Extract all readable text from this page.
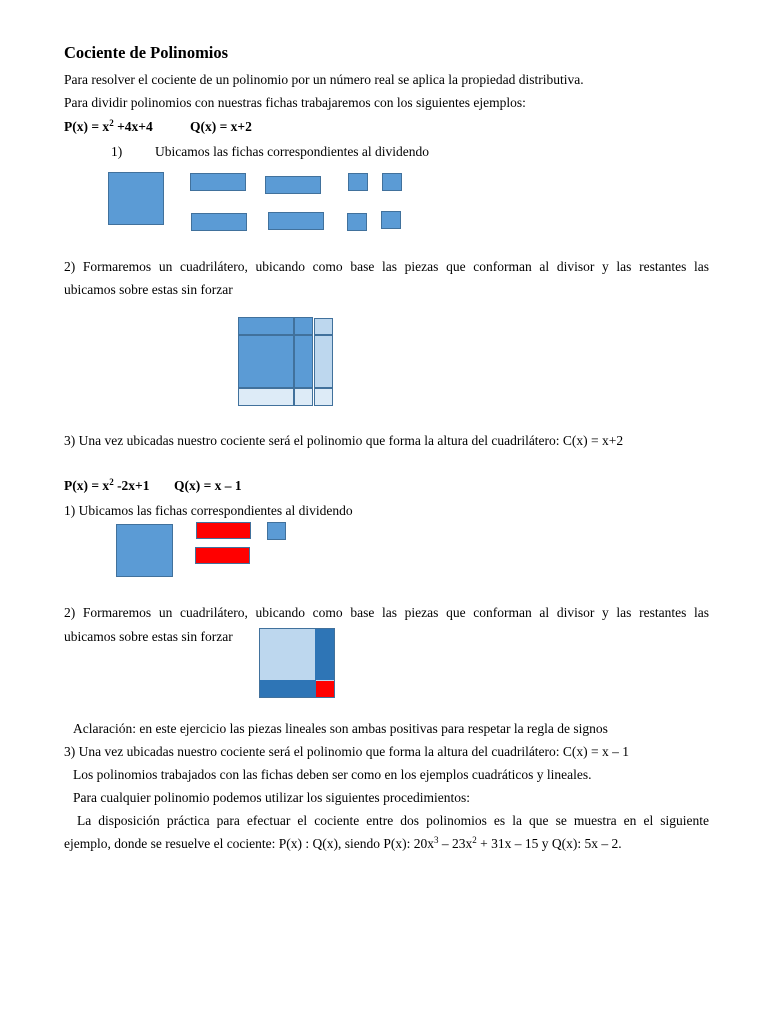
Cociente de Polinomios
Para resolver el cociente de un polinomio por un número real se aplica la propiedad distributiva.
Para dividir polinomios con nuestras fichas trabajaremos con los siguientes ejemplos:
$P(x) = x^2 +4x+4$	Q(x) = x+2
1) Ubicamos las fichas correspondientes al dividendo
2) Formaremos un cuadrilátero, ubicando como base las piezas que conforman al divisor y las restantes las
ubicamos sobre estas sin forzar
3) Una vez ubicadas nuestro cociente será el polinomio que forma la altura del cuadrilátero: C(x) = x+2
$P(x) = x^2$ -2x+1 Q(x) = x – 1
1) Ubicamos las fichas correspondientes al dividendo
2) Formaremos un cuadrilátero, ubicando como base las piezas que conforman al divisor y las restantes las
ubicamos sobre estas sin forzar
Aclaración: en este ejercicio las piezas lineales son ambas positivas para respetar la regla de signos
3) Una vez ubicadas nuestro cociente será el polinomio que forma la altura del cuadrilátero: C(x) = x – 1
Los polinomios trabajados con las fichas deben ser como en los ejemplos cuadráticos y lineales.
Para cualquier polinomio podemos utilizar los siguientes procedimientos:
La disposición práctica para efectuar el cociente entre dos polinomios es la que se muestra en el siguiente
ejemplo, donde se resuelve el cociente: P(x) : Q(x), siendo P(x): $20x^3 - 23x^2 + 31x - 15$ y Q(x): 5x – 2.
